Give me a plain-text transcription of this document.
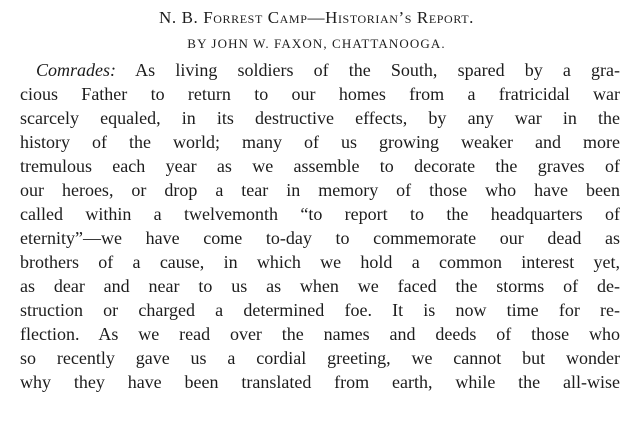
N. B. Forrest Camp—Historian’s Report.
BY JOHN W. FAXON, CHATTANOOGA.
Comrades: As living soldiers of the South, spared by a gra-
cious Father to return to our homes from a fratricidal war
scarcely equaled, in its destructive effects, by any war in the
history of the world; many of us growing weaker and more
tremulous each year as we assemble to decorate the graves of
our heroes, or drop a tear in memory of those who have been
called within a twelvemonth “to report to the headquarters of
eternity”—we have come to-day to commemorate our dead as
brothers of a cause, in which we hold a common interest yet,
as dear and near to us as when we faced the storms of de-
struction or charged a determined foe. It is now time for re-
flection. As we read over the names and deeds of those who
so recently gave us a cordial greeting, we cannot but wonder
why they have been translated from earth, while the all-wise
